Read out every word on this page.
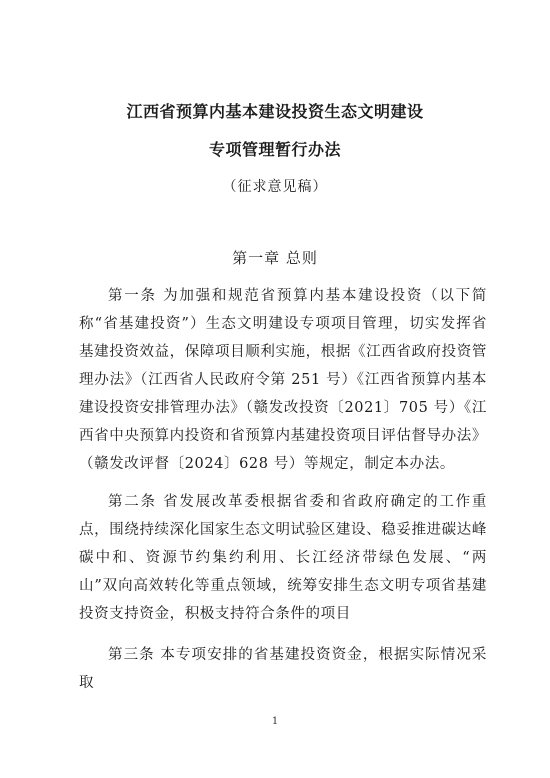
江西省预算内基本建设投资生态文明建设
专项管理暂行办法
（征求意见稿）
第一章 总则

第一条 为加强和规范省预算内基本建设投资（以下简称“省基建投资”）生态文明建设专项项目管理，切实发挥省基建投资效益，保障项目顺利实施，根据《江西省政府投资管理办法》（江西省人民政府令第 251 号）《江西省预算内基本建设投资安排管理办法》（赣发改投资〔2021〕705 号）《江西省中央预算内投资和省预算内基建投资项目评估督导办法》（赣发改评督〔2024〕628 号）等规定，制定本办法。

第二条 省发展改革委根据省委和省政府确定的工作重点，围绕持续深化国家生态文明试验区建设、稳妥推进碳达峰碳中和、资源节约集约利用、长江经济带绿色发展、“两山”双向高效转化等重点领域，统筹安排生态文明专项省基建投资支持资金，积极支持符合条件的项目

第三条 本专项安排的省基建投资资金，根据实际情况采取

1
